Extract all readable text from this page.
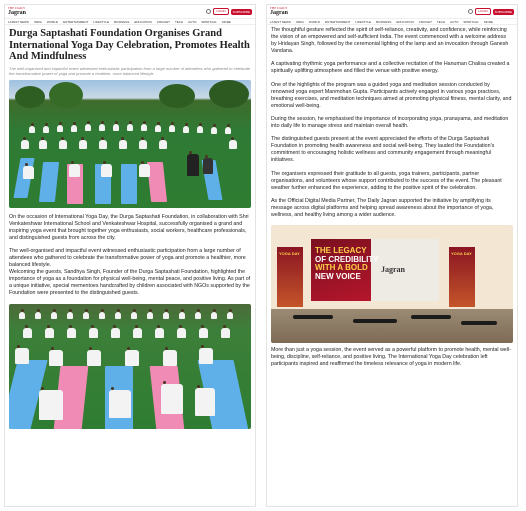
THE DAILY
Jagran	LOGIN	SUBSCRIBE
LATEST NEWS INDIA WORLD ENTERTAINMENT LIFESTYLE BUSINESS EDUCATION CRICKET TECH AUTO SPIRITUAL MORE
Durga Saptashati Foundation Organises Grand International Yoga Day Celebration, Promotes Health And Mindfulness
The well-organised and impactful event witnessed enthusiastic participation from a large number of attendees who gathered to celebrate the transformative power of yoga and promote a healthier, more balanced lifestyle.

On the occasion of International Yoga Day, the Durga Saptashati Foundation, in collaboration with Shri Venkateshwar International School and Venkateshwar Hospital, successfully organised a grand and inspiring yoga event that brought together yoga enthusiasts, social workers, healthcare professionals, and distinguished guests from across the city.

The well-organised and impactful event witnessed enthusiastic participation from a large number of attendees who gathered to celebrate the transformative power of yoga and promote a healthier, more balanced lifestyle.

Welcoming the guests, Sandhya Singh, Founder of the Durga Saptashati Foundation, highlighted the importance of yoga as a foundation for physical well-being, mental peace, and positive living. As part of a unique initiative, special mementoes handcrafted by children associated with NGOs supported by the Foundation were presented to the distinguished guests.

THE DAILY
Jagran	LOGIN	SUBSCRIBE
LATEST NEWS INDIA WORLD ENTERTAINMENT LIFESTYLE BUSINESS EDUCATION CRICKET TECH AUTO SPIRITUAL MORE

The thoughtful gesture reflected the spirit of self-reliance, creativity, and confidence, while reinforcing the vision of an empowered and self-sufficient India. The event commenced with a welcome address by Hridayan Singh, followed by the ceremonial lighting of the lamp and an invocation through Ganesh Vandana.

A captivating rhythmic yoga performance and a collective recitation of the Hanuman Chalisa created a spiritually uplifting atmosphere and filled the venue with positive energy.

One of the highlights of the program was a guided yoga and meditation session conducted by renowned yoga expert Manmohan Gupta. Participants actively engaged in various yoga practices, breathing exercises, and meditation techniques aimed at promoting physical fitness, mental clarity, and emotional well-being.

During the session, he emphasised the importance of incorporating yoga, pranayama, and meditation into daily life to manage stress and maintain overall health.

The distinguished guests present at the event appreciated the efforts of the Durga Saptashati Foundation in promoting health awareness and social well-being. They lauded the Foundation's commitment to encouraging holistic wellness and community engagement through meaningful initiatives.

The organisers expressed their gratitude to all guests, yoga trainers, participants, partner organisations, and volunteers whose support contributed to the success of the event. The pleasant weather further enhanced the experience, adding to the positive spirit of the celebration.

As the Official Digital Media Partner, The Daily Jagran supported the initiative by amplifying its message across digital platforms and helping spread awareness about the importance of yoga, wellness, and healthy living among a wider audience.

YOGA DAY	YOGA DAY
THE LEGACY
OF CREDIBILITY
WITH A BOLD
NEW VOICE
Jagran

More than just a yoga session, the event served as a powerful platform to promote health, mental well-being, discipline, self-reliance, and positive living. The International Yoga Day celebration left participants inspired and reaffirmed the timeless relevance of yoga in modern life.
